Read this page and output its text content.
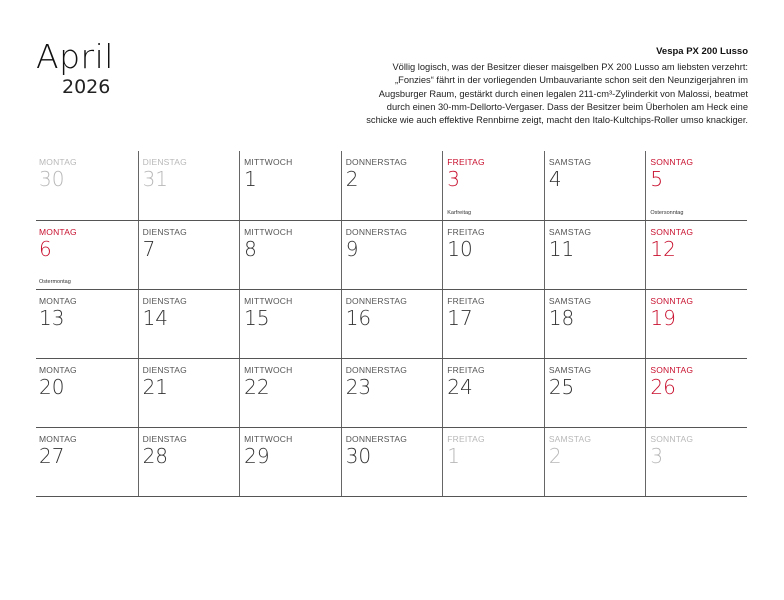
April
2026
Vespa PX 200 Lusso
Völlig logisch, was der Besitzer dieser maisgelben PX 200 Lusso am liebsten verzehrt:
„Fonzies“ fährt in der vorliegenden Umbauvariante schon seit den Neunzigerjahren im
Augsburger Raum, gestärkt durch einen legalen 211-cm³-Zylinderkit von Malossi, beatmet
durch einen 30-mm-Dellorto-Vergaser. Dass der Besitzer beim Überholen am Heck eine
schicke wie auch effektive Rennbirne zeigt, macht den Italo-Kultchips-Roller umso knackiger.
MONTAG
30
DIENSTAG
31
MITTWOCH
1
DONNERSTAG
2
FREITAG
3
Karfreitag
SAMSTAG
4
SONNTAG
5
Ostersonntag
MONTAG
6
Ostermontag
DIENSTAG
7
MITTWOCH
8
DONNERSTAG
9
FREITAG
10
SAMSTAG
11
SONNTAG
12
MONTAG
13
DIENSTAG
14
MITTWOCH
15
DONNERSTAG
16
FREITAG
17
SAMSTAG
18
SONNTAG
19
MONTAG
20
DIENSTAG
21
MITTWOCH
22
DONNERSTAG
23
FREITAG
24
SAMSTAG
25
SONNTAG
26
MONTAG
27
DIENSTAG
28
MITTWOCH
29
DONNERSTAG
30
FREITAG
1
SAMSTAG
2
SONNTAG
3
